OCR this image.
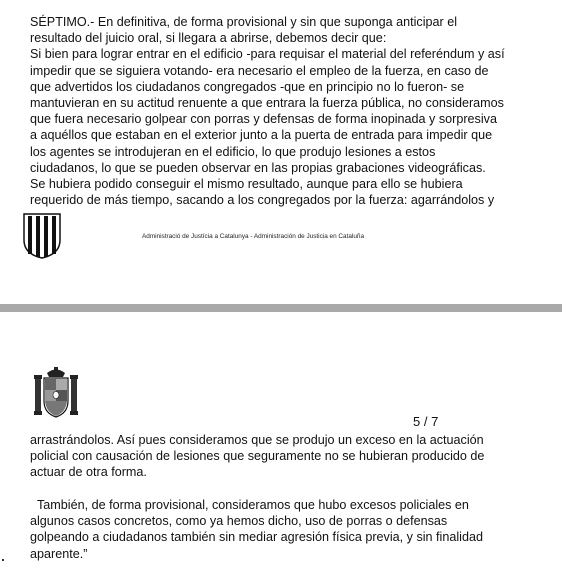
SÉPTIMO.- En definitiva, de forma provisional y sin que suponga anticipar el
resultado del juicio oral, si llegara a abrirse, debemos decir que:
Si bien para lograr entrar en el edificio -para requisar el material del referéndum y así
impedir que se siguiera votando- era necesario el empleo de la fuerza, en caso de
que advertidos los ciudadanos congregados -que en principio no lo fueron- se
mantuvieran en su actitud renuente a que entrara la fuerza pública, no consideramos
que fuera necesario golpear con porras y defensas de forma inopinada y sorpresiva
a aquéllos que estaban en el exterior junto a la puerta de entrada para impedir que
los agentes se introdujeran en el edificio, lo que produjo lesiones a estos
ciudadanos, lo que se pueden observar en las propias grabaciones videográficas.
Se hubiera podido conseguir el mismo resultado, aunque para ello se hubiera
requerido de más tiempo, sacando a los congregados por la fuerza: agarrándolos y
Administració de Justícia a Catalunya - Administración de Justicia en Cataluña
5 / 7
arrastrándolos. Así pues consideramos que se produjo un exceso en la actuación
policial con causación de lesiones que seguramente no se hubieran producido de
actuar de otra forma.
También, de forma provisional, consideramos que hubo excesos policiales en
algunos casos concretos, como ya hemos dicho, uso de porras o defensas
golpeando a ciudadanos también sin mediar agresión física previa, y sin finalidad
aparente.”
